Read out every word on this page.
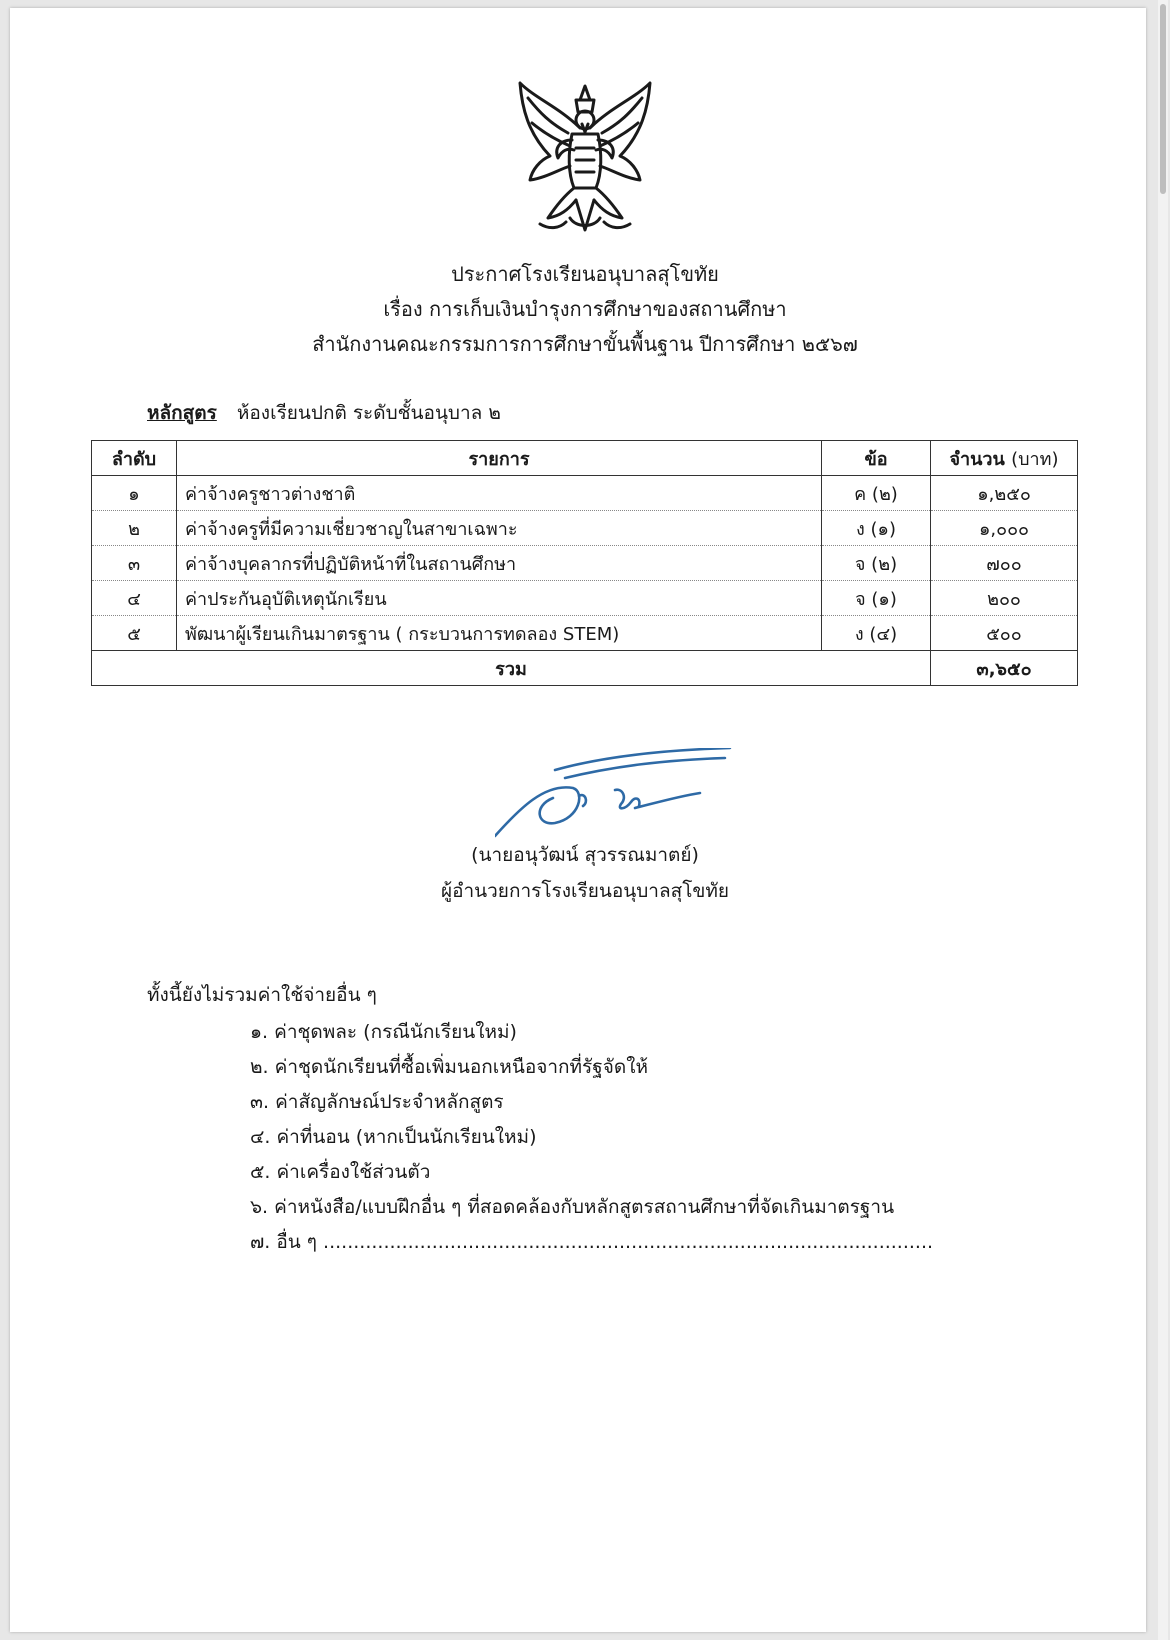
ประกาศโรงเรียนอนุบาลสุโขทัย
เรื่อง การเก็บเงินบำรุงการศึกษาของสถานศึกษา
สำนักงานคณะกรรมการการศึกษาขั้นพื้นฐาน ปีการศึกษา ๒๕๖๗
หลักสูตร ห้องเรียนปกติ ระดับชั้นอนุบาล ๒
ลำดับ	รายการ	ข้อ	จำนวน (บาท)
๑	ค่าจ้างครูชาวต่างชาติ	ค (๒)	๑,๒๕๐
๒	ค่าจ้างครูที่มีความเชี่ยวชาญในสาขาเฉพาะ	ง (๑)	๑,๐๐๐
๓	ค่าจ้างบุคลากรที่ปฏิบัติหน้าที่ในสถานศึกษา	จ (๒)	๗๐๐
๔	ค่าประกันอุบัติเหตุนักเรียน	จ (๑)	๒๐๐
๕	พัฒนาผู้เรียนเกินมาตรฐาน ( กระบวนการทดลอง STEM)	ง (๔)	๕๐๐
รวม			๓,๖๕๐
(นายอนุวัฒน์ สุวรรณมาตย์)
ผู้อำนวยการโรงเรียนอนุบาลสุโขทัย
ทั้งนี้ยังไม่รวมค่าใช้จ่ายอื่น ๆ
๑. ค่าชุดพละ (กรณีนักเรียนใหม่)
๒. ค่าชุดนักเรียนที่ซื้อเพิ่มนอกเหนือจากที่รัฐจัดให้
๓. ค่าสัญลักษณ์ประจำหลักสูตร
๔. ค่าที่นอน (หากเป็นนักเรียนใหม่)
๕. ค่าเครื่องใช้ส่วนตัว
๖. ค่าหนังสือ/แบบฝึกอื่น ๆ ที่สอดคล้องกับหลักสูตรสถานศึกษาที่จัดเกินมาตรฐาน
๗. อื่น ๆ .....................................................................................................
